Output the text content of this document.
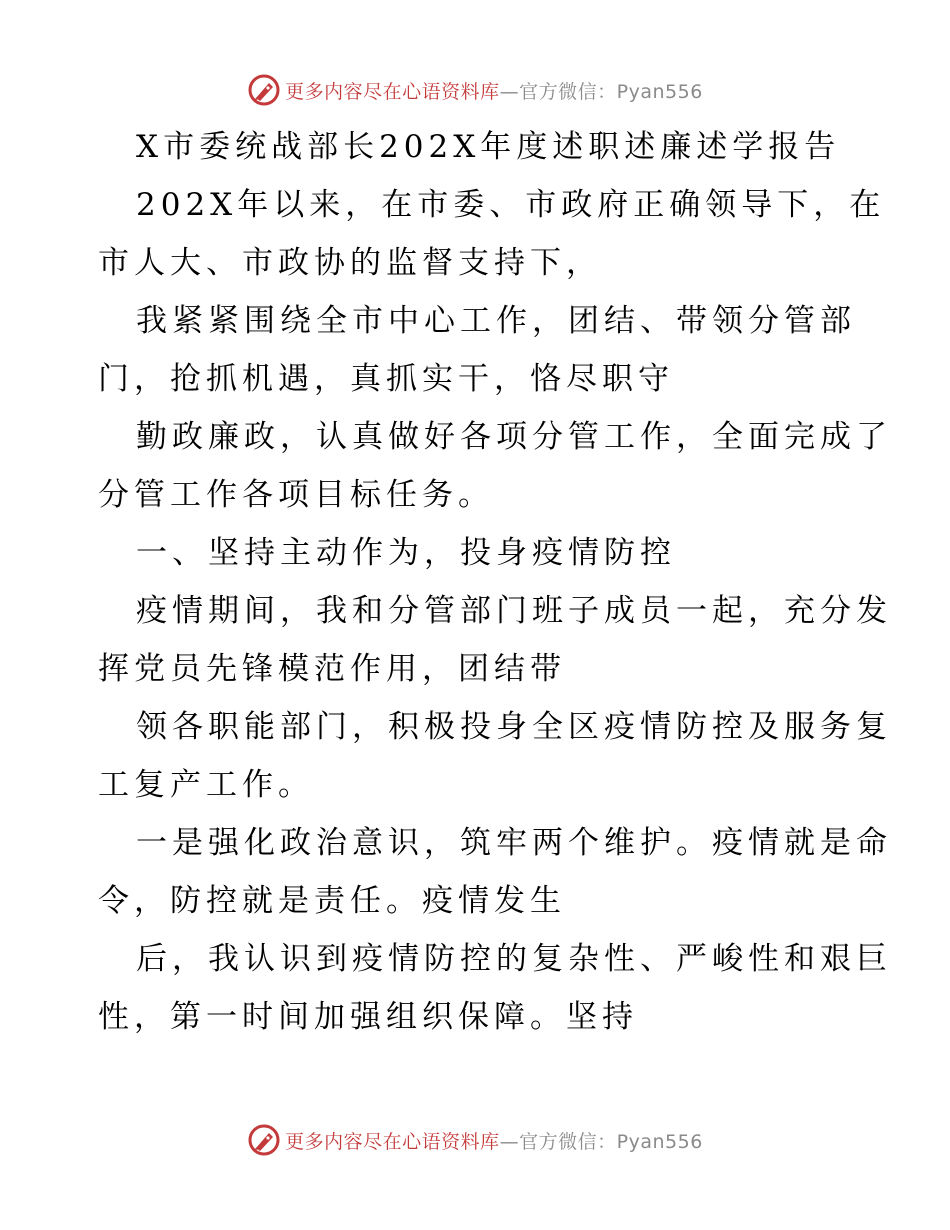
更多内容尽在心语资料库—官方微信：Pyan556
X市委统战部长202X年度述职述廉述学报告
202X年以来，在市委、市政府正确领导下，在
市人大、市政协的监督支持下，
我紧紧围绕全市中心工作，团结、带领分管部
门，抢抓机遇，真抓实干，恪尽职守
勤政廉政，认真做好各项分管工作，全面完成了
分管工作各项目标任务。
一、坚持主动作为，投身疫情防控
疫情期间，我和分管部门班子成员一起，充分发
挥党员先锋模范作用，团结带
领各职能部门，积极投身全区疫情防控及服务复
工复产工作。
一是强化政治意识，筑牢两个维护。疫情就是命
令，防控就是责任。疫情发生
后，我认识到疫情防控的复杂性、严峻性和艰巨
性，第一时间加强组织保障。坚持
更多内容尽在心语资料库—官方微信：Pyan556
